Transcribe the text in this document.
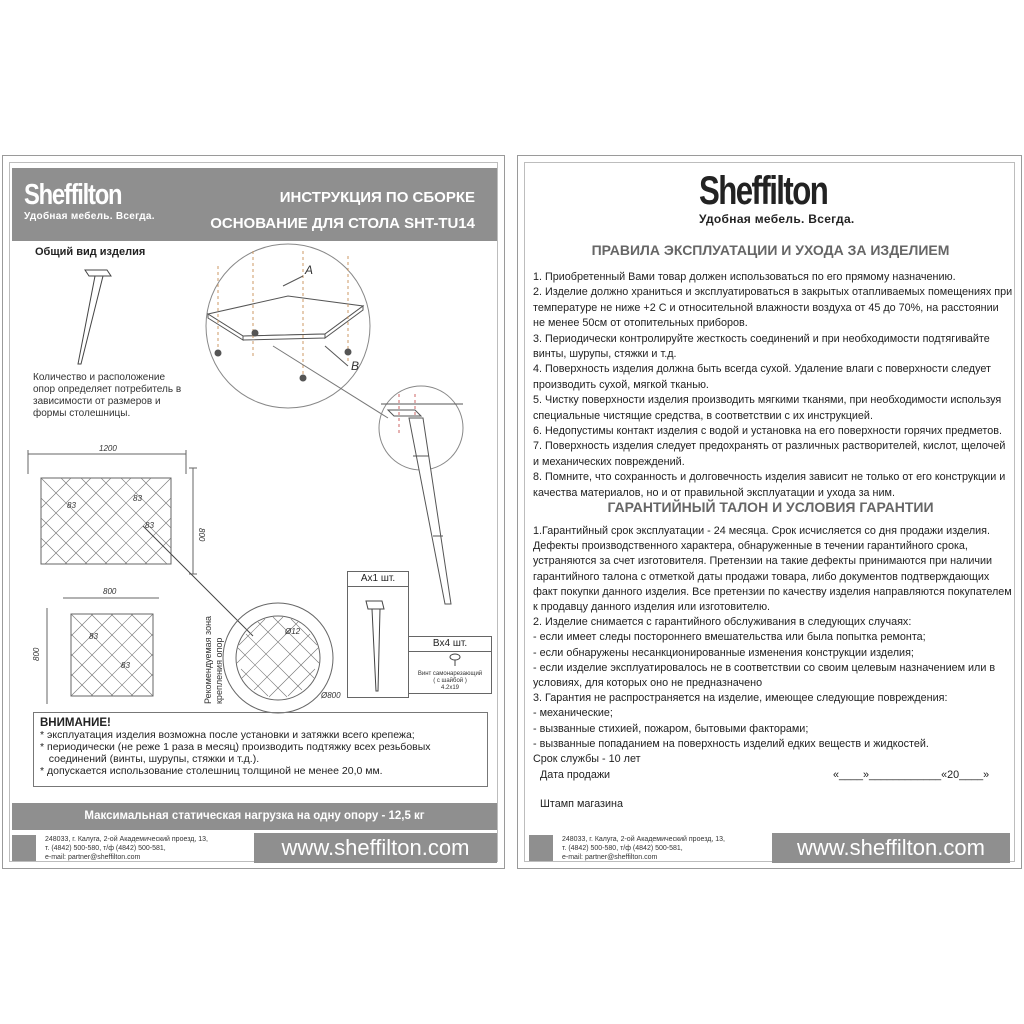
Sheffilton
Удобная мебель. Всегда.
ИНСТРУКЦИЯ ПО СБОРКЕ
ОСНОВАНИЕ ДЛЯ СТОЛА SHT-TU14
Общий вид изделия
Количество и расположение опор определяет потребитель в зависимости от размеров и формы столешницы.
A
B
1200
800
83
83
83
800
800
83
83	Рекомендуемая зона крепления опор
Ø12
Ø800
Ax1 шт.
Bx4 шт.
Винт самонарезающий
( с шайбой )
4.2x19
ВНИМАНИЕ!
* эксплуатация изделия возможна после установки и затяжки всего крепежа;
* периодически (не реже 1 раза в месяц) производить подтяжку всех резьбовых
соединений (винты, шурупы, стяжки и т.д.).
* допускается использование столешниц толщиной не менее 20,0 мм.
Максимальная статическая нагрузка на одну опору - 12,5 кг
248033, г. Калуга, 2-ой Академический проезд, 13,
т. (4842) 500-580, т/ф (4842) 500-581,
e-mail: partner@sheffilton.com	www.sheffilton.com
Sheffilton
Удобная мебель. Всегда.
ПРАВИЛА ЭКСПЛУАТАЦИИ И УХОДА ЗА ИЗДЕЛИЕМ

1. Приобретенный Вами товар должен использоваться по его прямому назначению.

2. Изделие должно храниться и эксплуатироваться в закрытых отапливаемых помещениях при температуре не ниже +2 С и относительной влажности воздуха от 45 до 70%, на расстоянии не менее 50см от отопительных приборов.

3. Периодически контролируйте жесткость соединений и при необходимости подтягивайте винты, шурупы, стяжки и т.д.

4. Поверхность изделия должна быть всегда сухой. Удаление влаги с поверхности следует производить сухой, мягкой тканью.

5. Чистку поверхности изделия производить мягкими тканями, при необходимости используя специальные чистящие средства, в соответствии с их инструкцией.

6. Недопустимы контакт изделия с водой и установка на его поверхности горячих предметов.

7. Поверхность изделия следует предохранять от различных растворителей, кислот, щелочей и механических повреждений.

8. Помните, что сохранность и долговечность изделия зависит не только от его конструкции и качества материалов, но и от правильной эксплуатации и ухода за ним.

ГАРАНТИЙНЫЙ ТАЛОН И УСЛОВИЯ ГАРАНТИИ

1.Гарантийный срок эксплуатации - 24 месяца. Срок исчисляется со дня продажи изделия. Дефекты производственного характера, обнаруженные в течении гарантийного срока, устраняются за счет изготовителя. Претензии на такие дефекты принимаются при наличии гарантийного талона с отметкой даты продажи товара, либо документов подтверждающих факт покупки данного изделия. Все претензии по качеству изделия направляются покупателем к продавцу данного изделия или изготовителю.

2. Изделие снимается с гарантийного обслуживания в следующих случаях:

- если имеет следы постороннего вмешательства или была попытка ремонта;

- если обнаружены несанкционированные изменения конструкции изделия;

- если изделие эксплуатировалось не в соответствии со своим целевым назначением или в условиях, для которых оно не предназначено

3. Гарантия не распространяется на изделие, имеющее следующие повреждения:

- механические;

- вызванные стихией, пожаром, бытовыми факторами;

- вызванные попаданием на поверхность изделий едких веществ и жидкостей.

Срок службы - 10 лет

Дата продажи	«____»____________«20____»
Штамп магазина
248033, г. Калуга, 2-ой Академический проезд, 13,
т. (4842) 500-580, т/ф (4842) 500-581,
e-mail: partner@sheffilton.com	www.sheffilton.com
